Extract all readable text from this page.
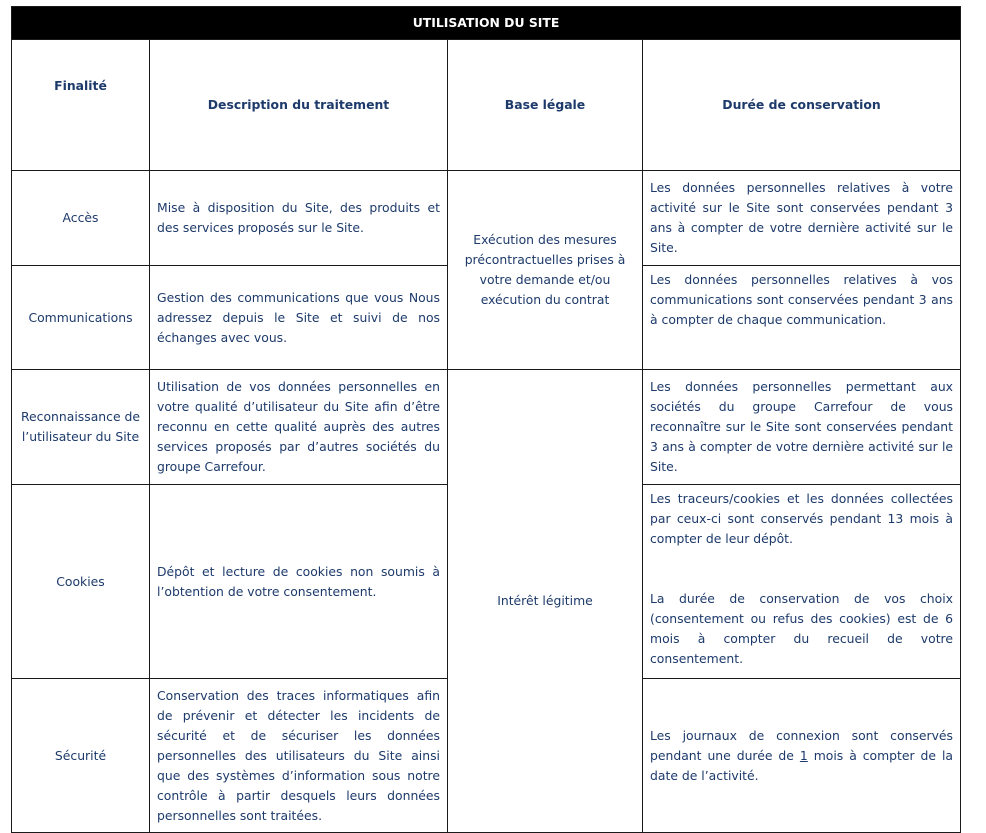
UTILISATION DU SITE			
Finalité	Description du traitement	Base légale	Durée de conservation
Accès	Mise à disposition du Site, des produits et des services proposés sur le Site.	Exécution des mesures précontractuelles prises à votre demande et/ou exécution du contrat	Les données personnelles relatives à votre activité sur le Site sont conservées pendant 3 ans à compter de votre dernière activité sur le Site.
Communications	Gestion des communications que vous Nous adressez depuis le Site et suivi de nos échanges avec vous.		Les données personnelles relatives à vos communications sont conservées pendant 3 ans à compter de chaque communication.
Reconnaissance de l’utilisateur du Site	Utilisation de vos données personnelles en votre qualité d’utilisateur du Site afin d’être reconnu en cette qualité auprès des autres services proposés par d’autres sociétés du groupe Carrefour.	Intérêt légitime	Les données personnelles permettant aux sociétés du groupe Carrefour de vous reconnaître sur le Site sont conservées pendant 3 ans à compter de votre dernière activité sur le Site.
Cookies	Dépôt et lecture de cookies non soumis à l’obtention de votre consentement.		Les traceurs/cookies et les données collectées par ceux-ci sont conservés pendant 13 mois à compter de leur dépôt.
La durée de conservation de vos choix (consentement ou refus des cookies) est de 6 mois à compter du recueil de votre consentement.
Sécurité	Conservation des traces informatiques afin de prévenir et détecter les incidents de sécurité et de sécuriser les données personnelles des utilisateurs du Site ainsi que des systèmes d’information sous notre contrôle à partir desquels leurs données personnelles sont traitées.		Les journaux de connexion sont conservés pendant une durée de 1 mois à compter de la date de l’activité.
